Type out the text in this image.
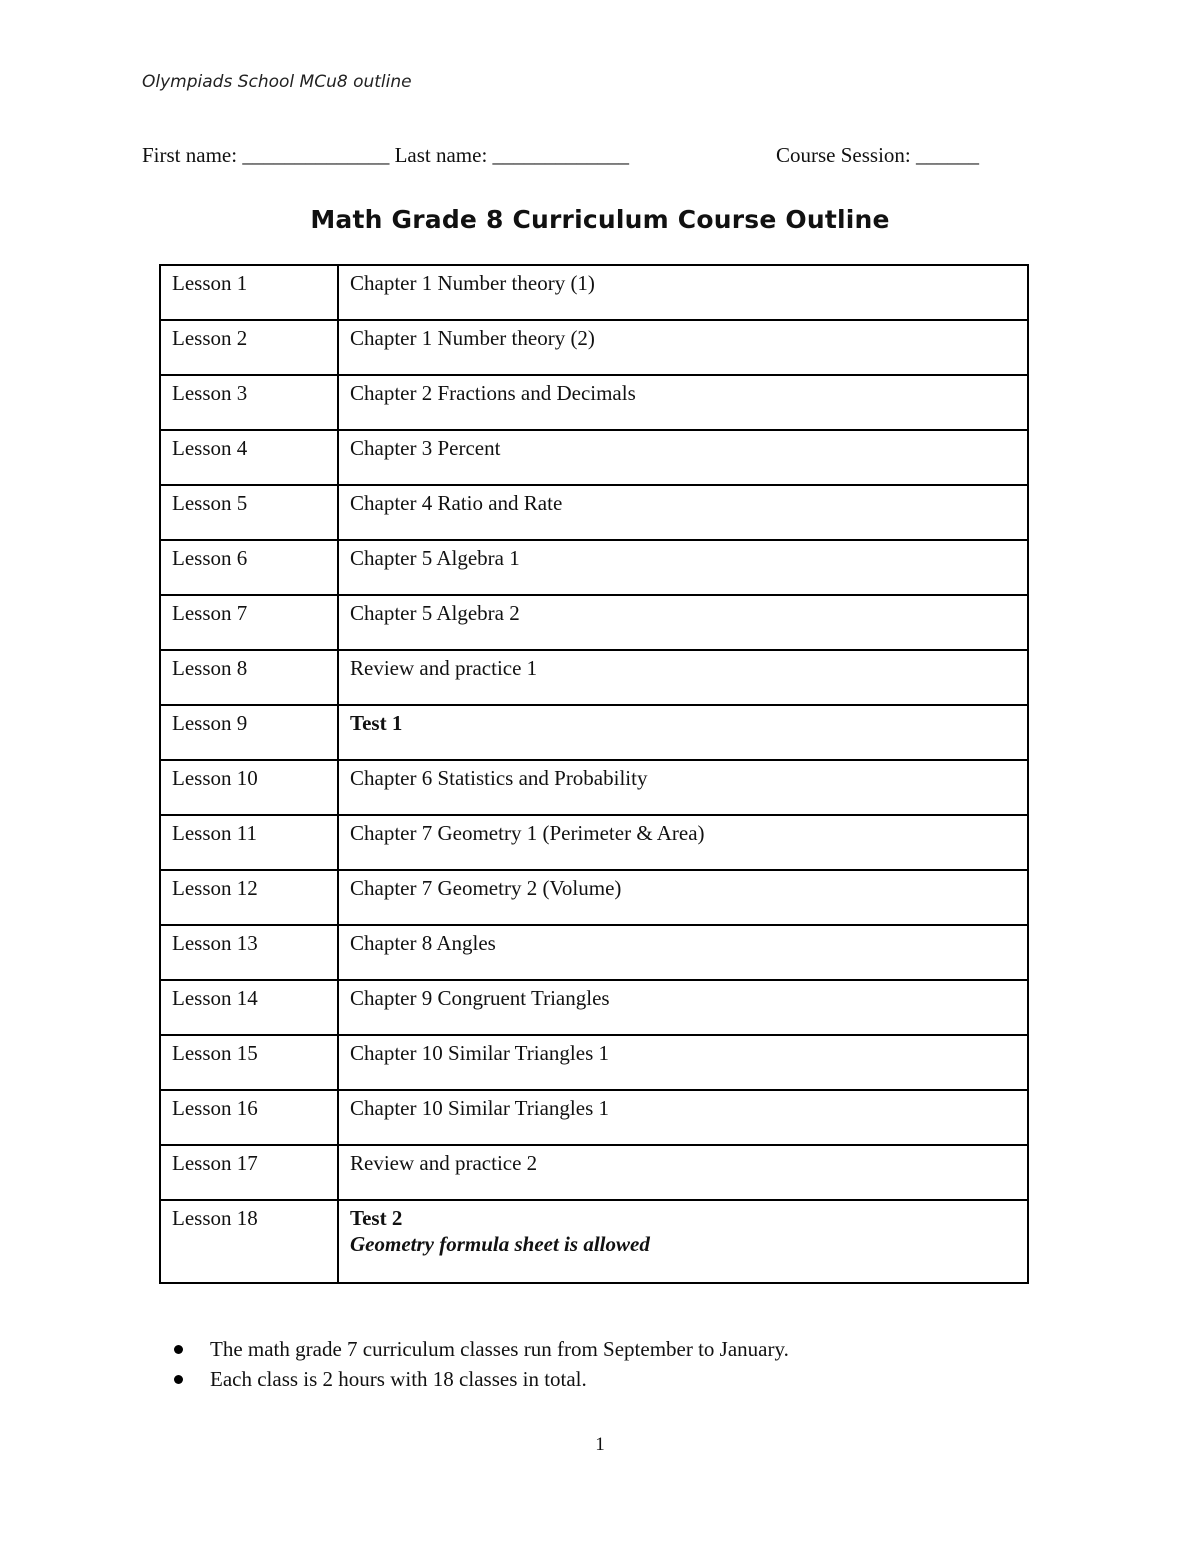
Olympiads School MCu8 outline
First name: ______________ Last name: _____________	Course Session: ______
Math Grade 8 Curriculum Course Outline
Lesson 1	Chapter 1 Number theory (1)
Lesson 2	Chapter 1 Number theory (2)
Lesson 3	Chapter 2 Fractions and Decimals
Lesson 4	Chapter 3 Percent
Lesson 5	Chapter 4 Ratio and Rate
Lesson 6	Chapter 5 Algebra 1
Lesson 7	Chapter 5 Algebra 2
Lesson 8	Review and practice 1
Lesson 9	Test 1
Lesson 10	Chapter 6 Statistics and Probability
Lesson 11	Chapter 7 Geometry 1 (Perimeter & Area)
Lesson 12	Chapter 7 Geometry 2 (Volume)
Lesson 13	Chapter 8 Angles
Lesson 14	Chapter 9 Congruent Triangles
Lesson 15	Chapter 10 Similar Triangles 1
Lesson 16	Chapter 10 Similar Triangles 1
Lesson 17	Review and practice 2
Lesson 18	Test 2
Geometry formula sheet is allowed
The math grade 7 curriculum classes run from September to January.
Each class is 2 hours with 18 classes in total.
1
